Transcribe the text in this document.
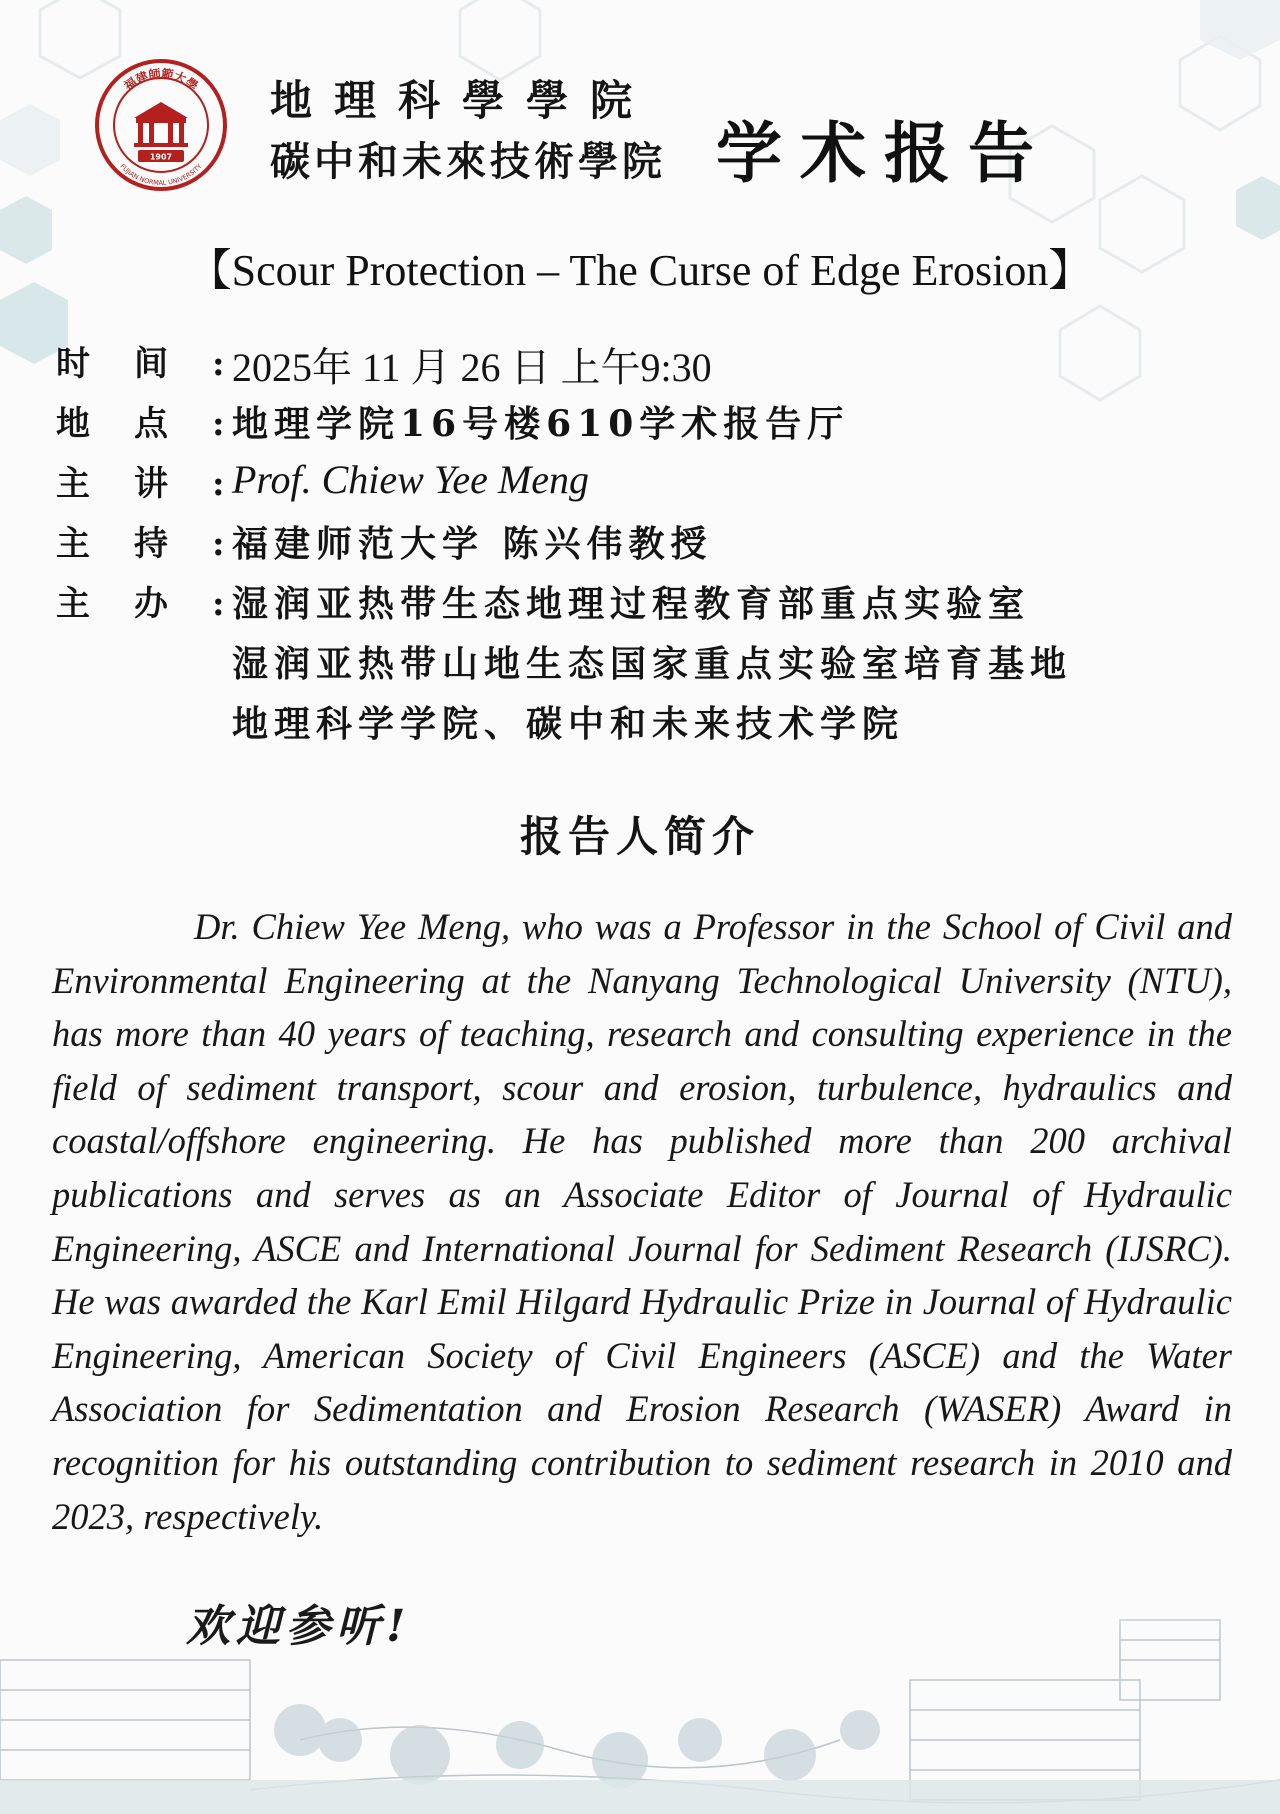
福建師範大學
FUJIAN NORMAL UNIVERSITY
1907
地理科學學院
碳中和未來技術學院 学术报告
【Scour Protection – The Curse of Edge Erosion】
时间:
2025年 11 月 26 日 上午9:30
地点:
地理学院16号楼610学术报告厅
主讲:
Prof. Chiew Yee Meng
主持:
福建师范大学 陈兴伟教授
主办:
湿润亚热带生态地理过程教育部重点实验室
湿润亚热带山地生态国家重点实验室培育基地
地理科学学院、碳中和未来技术学院
报告人简介
Dr. Chiew Yee Meng, who was a Professor in the School of Civil and Environmental Engineering at the Nanyang Technological University (NTU), has more than 40 years of teaching, research and consulting experience in the field of sediment transport, scour and erosion, turbulence, hydraulics and coastal/offshore engineering. He has published more than 200 archival publications and serves as an Associate Editor of Journal of Hydraulic Engineering, ASCE and International Journal for Sediment Research (IJSRC). He was awarded the Karl Emil Hilgard Hydraulic Prize in Journal of Hydraulic Engineering, American Society of Civil Engineers (ASCE) and the Water Association for Sedimentation and Erosion Research (WASER) Award in recognition for his outstanding contribution to sediment research in 2010 and 2023, respectively.
欢迎参听!
